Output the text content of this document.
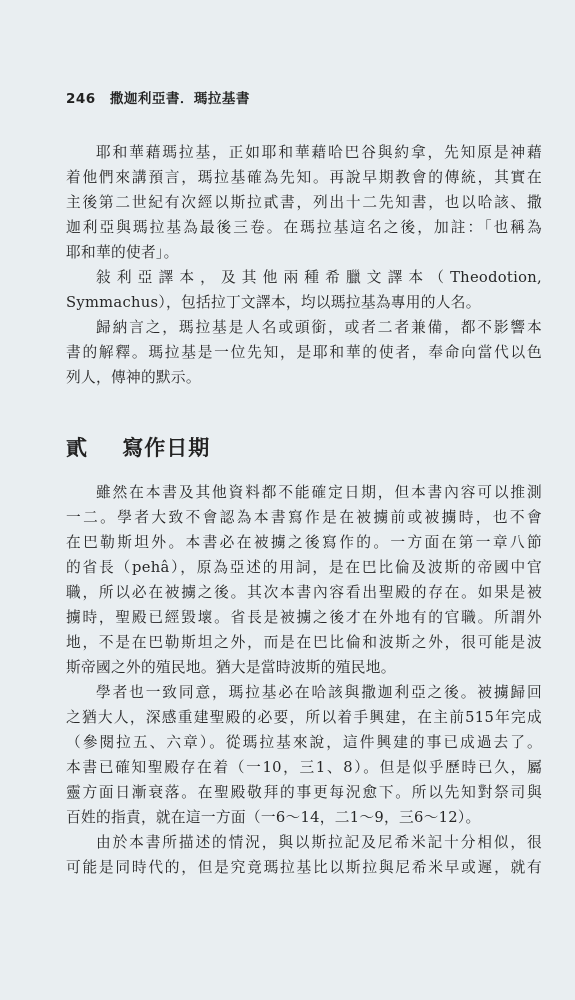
246 撒迦利亞書．瑪拉基書

耶和華藉瑪拉基，正如耶和華藉哈巴谷與約拿，先知原是神藉
着他們來講預言，瑪拉基確為先知。再說早期教會的傳統，其實在
主後第二世紀有次經以斯拉貳書，列出十二先知書，也以哈該、撒
迦利亞與瑪拉基為最後三卷。在瑪拉基這名之後，加註：「也稱為
耶和華的使者」。

敍利亞譯本，及其他兩種希臘文譯本（Theodotion,
Symmachus），包括拉丁文譯本，均以瑪拉基為專用的人名。

歸納言之，瑪拉基是人名或頭銜，或者二者兼備，都不影響本
書的解釋。瑪拉基是一位先知，是耶和華的使者，奉命向當代以色
列人，傳神的默示。

貳 寫作日期

雖然在本書及其他資料都不能確定日期，但本書內容可以推測
一二。學者大致不會認為本書寫作是在被擄前或被擄時，也不會
在巴勒斯坦外。本書必在被擄之後寫作的。一方面在第一章八節
的省長（pehâ），原為亞述的用詞，是在巴比倫及波斯的帝國中官
職，所以必在被擄之後。其次本書內容看出聖殿的存在。如果是被
擄時，聖殿已經毀壞。省長是被擄之後才在外地有的官職。所謂外
地，不是在巴勒斯坦之外，而是在巴比倫和波斯之外，很可能是波
斯帝國之外的殖民地。猶大是當時波斯的殖民地。

學者也一致同意，瑪拉基必在哈該與撒迦利亞之後。被擄歸回
之猶大人，深感重建聖殿的必要，所以着手興建，在主前515年完成
（參閱拉五、六章）。從瑪拉基來說，這件興建的事已成過去了。
本書已確知聖殿存在着（一10，三1、8）。但是似乎歷時已久，屬
靈方面日漸衰落。在聖殿敬拜的事更每況愈下。所以先知對祭司與
百姓的指責，就在這一方面（一6～14，二1～9，三6～12）。

由於本書所描述的情況，與以斯拉記及尼希米記十分相似，很
可能是同時代的，但是究竟瑪拉基比以斯拉與尼希米早或遲，就有
